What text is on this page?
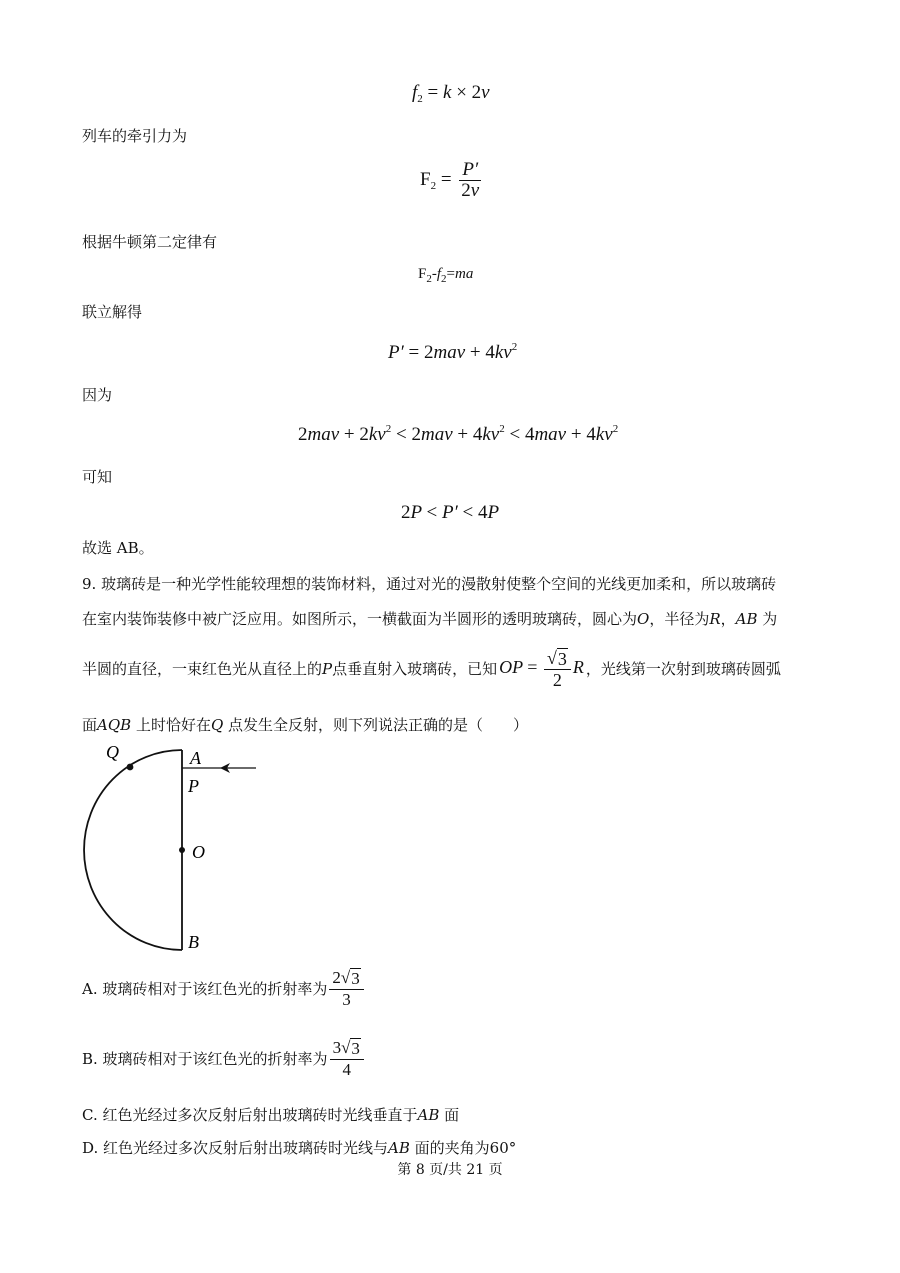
$f_2 = k \times 2v$
列车的牵引力为
$F_2 = \frac{P'}{2v}$
根据牛顿第二定律有
$F_2-f_2=ma$
联立解得
$P' = 2mav + 4kv^2$
因为
$2mav + 2kv^2 < 2mav + 4kv^2 < 4mav + 4kv^2$
可知
2P < P′ < 4P
故选 AB。
9. 玻璃砖是一种光学性能较理想的装饰材料，通过对光的漫散射使整个空间的光线更加柔和，所以玻璃砖
在室内装饰装修中被广泛应用。如图所示，一横截面为半圆形的透明玻璃砖，圆心为O，半径为R，AB 为
半圆的直径，一束红色光从直径上的 P 点垂直射入玻璃砖，已知 OP = $\frac{√ 3}{2}$ R ，光线第一次射到玻璃砖圆弧
面AQB 上时恰好在Q 点发生全反射，则下列说法正确的是（　　）
Q	A
P
O
B
A. 玻璃砖相对于该红色光的折射率为 $\frac{2 √ 3}{3}$
B. 玻璃砖相对于该红色光的折射率为 $\frac{3 √ 3}{4}$
C. 红色光经过多次反射后射出玻璃砖时光线垂直于AB 面
D. 红色光经过多次反射后射出玻璃砖时光线与AB 面的夹角为60°
第 8 页/共 21 页
